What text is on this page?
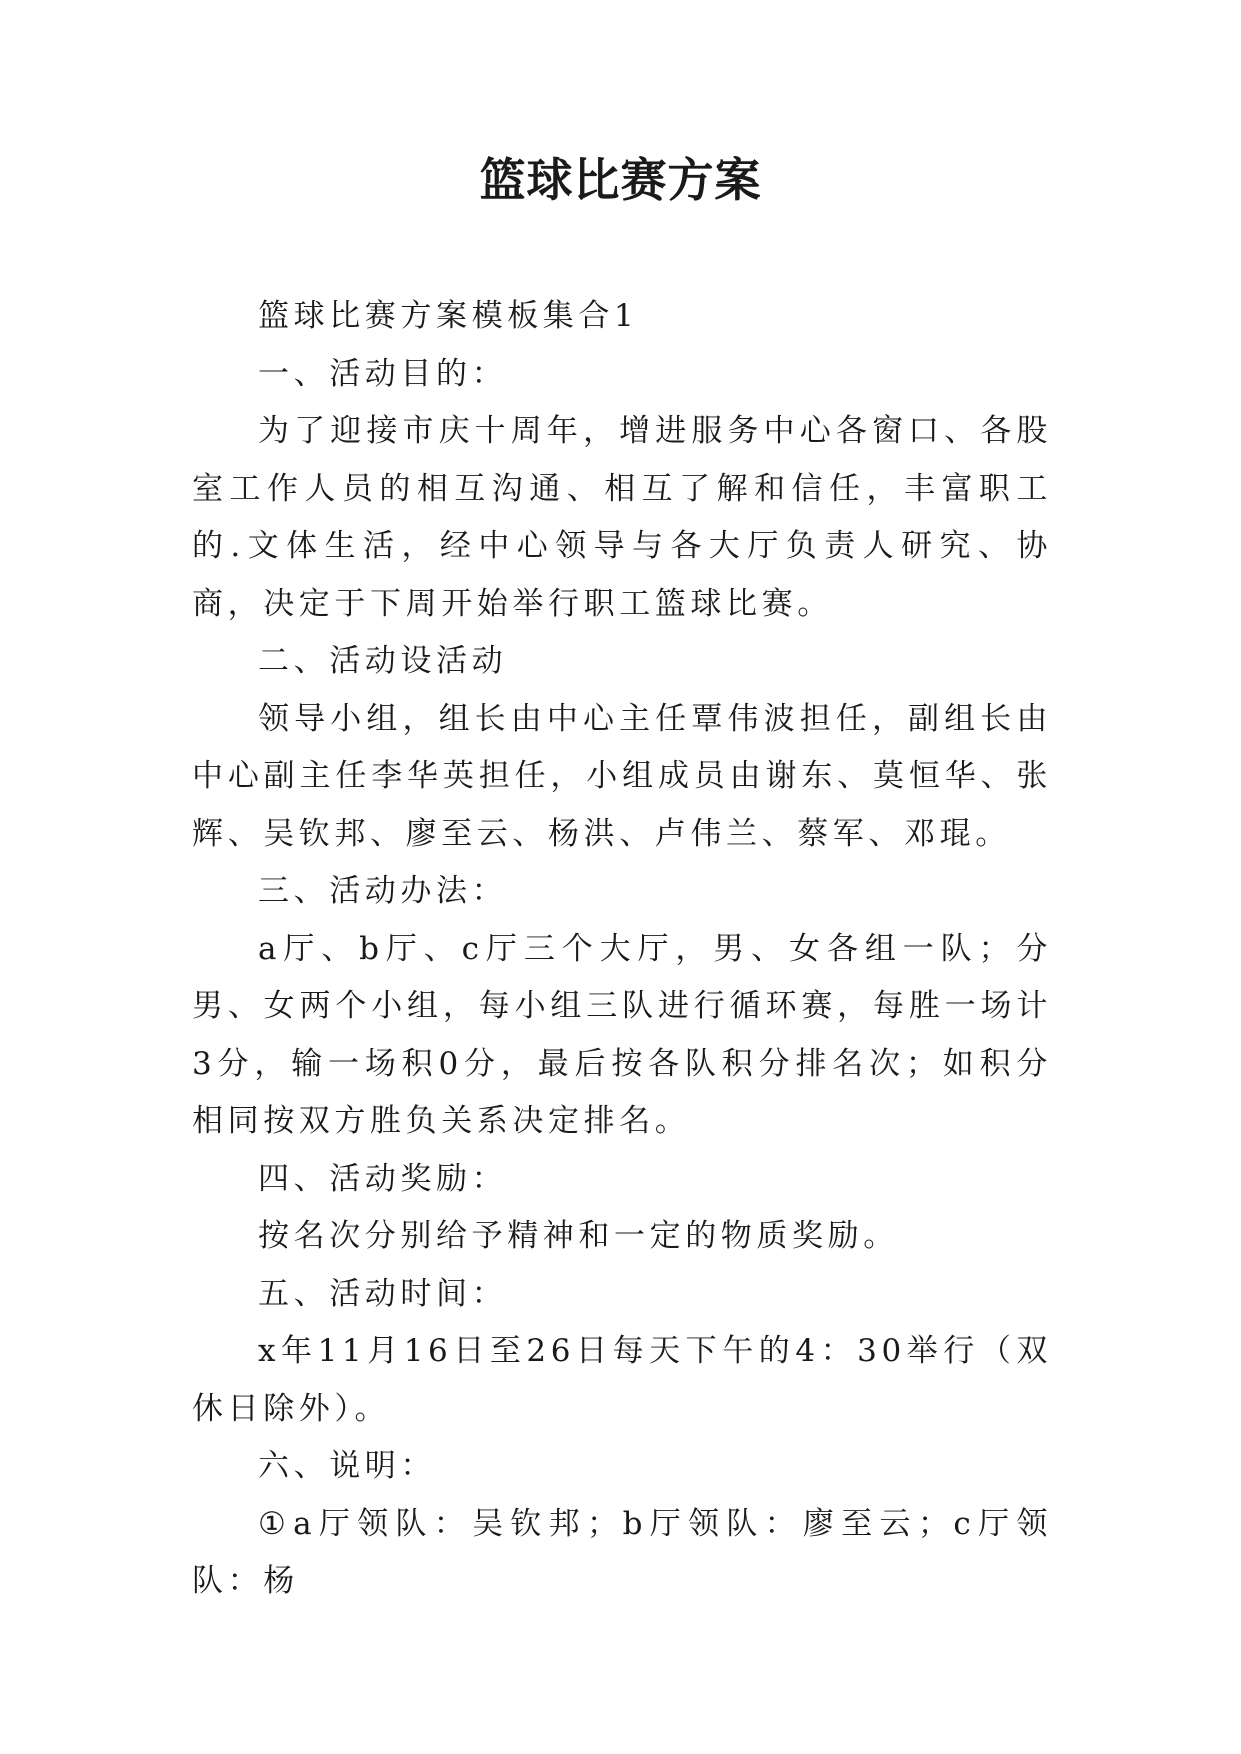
篮球比赛方案

篮球比赛方案模板集合1

一、活动目的：

为了迎接市庆十周年，增进服务中心各窗口、各股室工作人员的相互沟通、相互了解和信任，丰富职工的.文体生活，经中心领导与各大厅负责人研究、协商，决定于下周开始举行职工篮球比赛。

二、活动设活动

领导小组，组长由中心主任覃伟波担任，副组长由中心副主任李华英担任，小组成员由谢东、莫恒华、张辉、吴钦邦、廖至云、杨洪、卢伟兰、蔡军、邓琨。

三、活动办法：

a厅、b厅、c厅三个大厅，男、女各组一队；分男、女两个小组，每小组三队进行循环赛，每胜一场计3分，输一场积0分，最后按各队积分排名次；如积分相同按双方胜负关系决定排名。

四、活动奖励：

按名次分别给予精神和一定的物质奖励。

五、活动时间：

x年11月16日至26日每天下午的4：30举行（双休日除外）。

六、说明：

①a厅领队：吴钦邦；b厅领队：廖至云；c厅领队：杨
